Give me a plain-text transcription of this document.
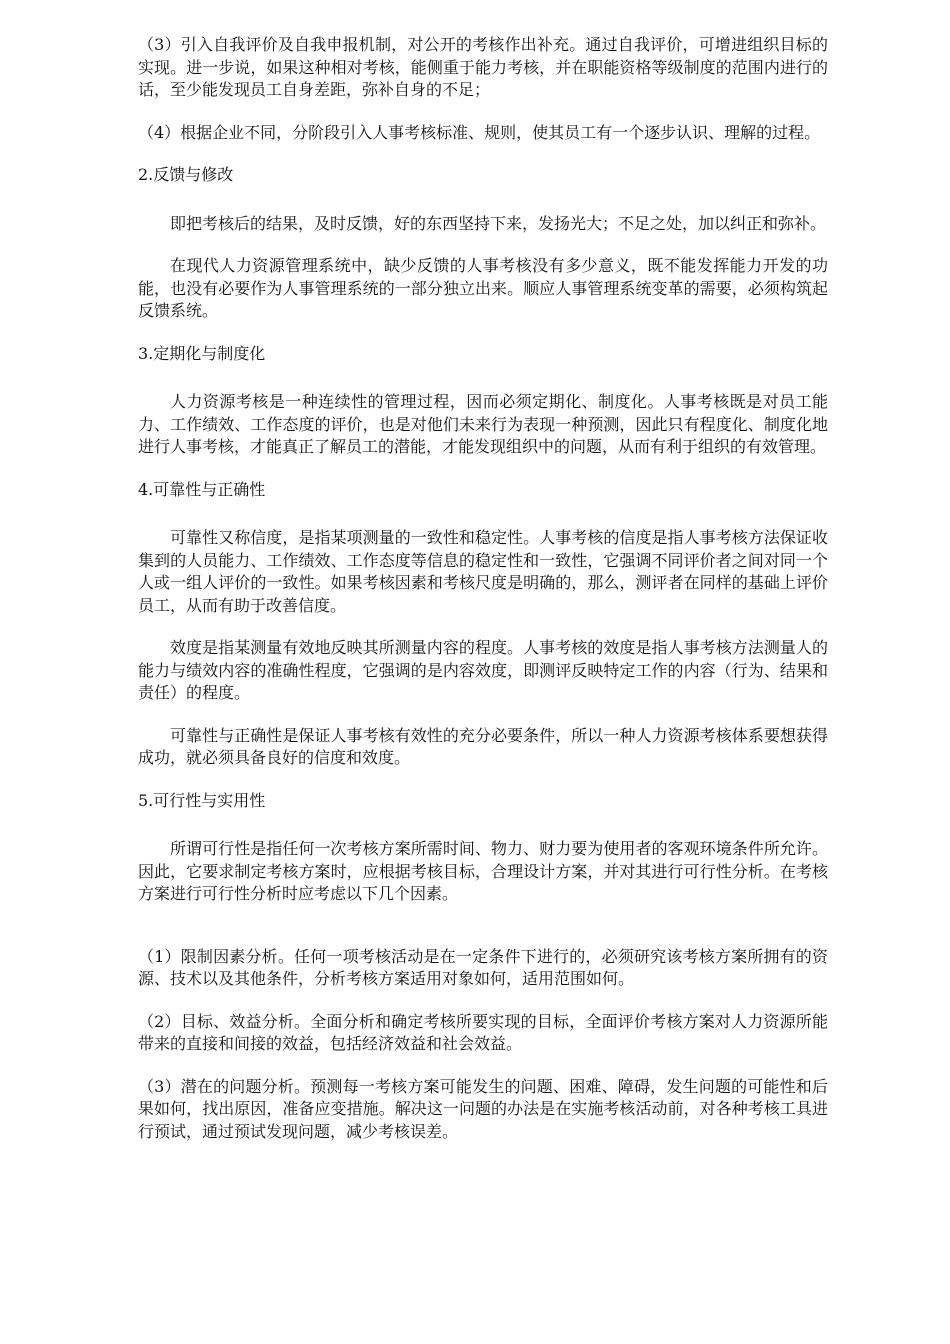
（3）引入自我评价及自我申报机制，对公开的考核作出补充。通过自我评价，可增进组织目标的实现。进一步说，如果这种相对考核，能侧重于能力考核，并在职能资格等级制度的范围内进行的话，至少能发现员工自身差距，弥补自身的不足；

（4）根据企业不同，分阶段引入人事考核标准、规则，使其员工有一个逐步认识、理解的过程。

2.反馈与修改

即把考核后的结果，及时反馈，好的东西坚持下来，发扬光大；不足之处，加以纠正和弥补。

在现代人力资源管理系统中，缺少反馈的人事考核没有多少意义，既不能发挥能力开发的功能，也没有必要作为人事管理系统的一部分独立出来。顺应人事管理系统变革的需要，必须构筑起反馈系统。

3.定期化与制度化

人力资源考核是一种连续性的管理过程，因而必须定期化、制度化。人事考核既是对员工能力、工作绩效、工作态度的评价，也是对他们未来行为表现一种预测，因此只有程度化、制度化地进行人事考核，才能真正了解员工的潜能，才能发现组织中的问题，从而有利于组织的有效管理。

4.可靠性与正确性

可靠性又称信度，是指某项测量的一致性和稳定性。人事考核的信度是指人事考核方法保证收集到的人员能力、工作绩效、工作态度等信息的稳定性和一致性，它强调不同评价者之间对同一个人或一组人评价的一致性。如果考核因素和考核尺度是明确的，那么，测评者在同样的基础上评价员工，从而有助于改善信度。

效度是指某测量有效地反映其所测量内容的程度。人事考核的效度是指人事考核方法测量人的能力与绩效内容的准确性程度，它强调的是内容效度，即测评反映特定工作的内容（行为、结果和责任）的程度。

可靠性与正确性是保证人事考核有效性的充分必要条件，所以一种人力资源考核体系要想获得成功，就必须具备良好的信度和效度。

5.可行性与实用性

所谓可行性是指任何一次考核方案所需时间、物力、财力要为使用者的客观环境条件所允许。因此，它要求制定考核方案时，应根据考核目标，合理设计方案，并对其进行可行性分析。在考核方案进行可行性分析时应考虑以下几个因素。

（1）限制因素分析。任何一项考核活动是在一定条件下进行的，必须研究该考核方案所拥有的资源、技术以及其他条件，分析考核方案适用对象如何，适用范围如何。

（2）目标、效益分析。全面分析和确定考核所要实现的目标，全面评价考核方案对人力资源所能带来的直接和间接的效益，包括经济效益和社会效益。

（3）潜在的问题分析。预测每一考核方案可能发生的问题、困难、障碍，发生问题的可能性和后果如何，找出原因，准备应变措施。解决这一问题的办法是在实施考核活动前，对各种考核工具进行预试，通过预试发现问题，减少考核误差。
